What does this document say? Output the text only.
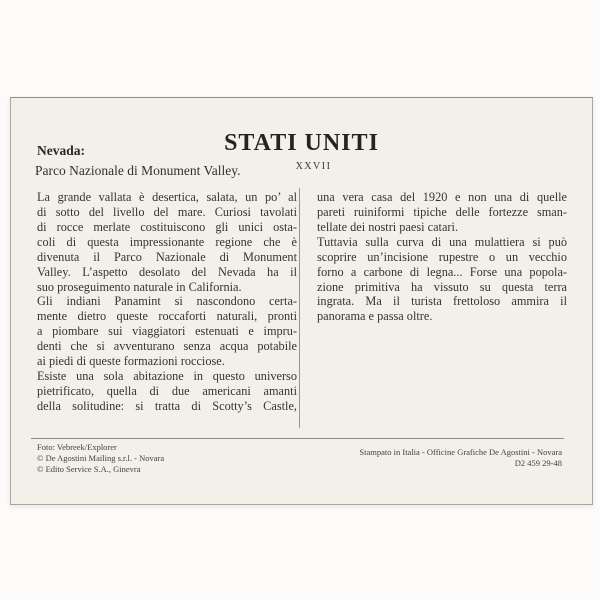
Nevada:	STATI UNITI
Parco Nazionale di Monument Valley.	XXVII
La grande vallata è desertica, salata, un po’ al
di sotto del livello del mare. Curiosi tavolati
di rocce merlate costituiscono gli unici osta-
coli di questa impressionante regione che è
divenuta il Parco Nazionale di Monument
Valley. L’aspetto desolato del Nevada ha il
suo proseguimento naturale in California.
Gli indiani Panamint si nascondono certa-
mente dietro queste roccaforti naturali, pronti
a piombare sui viaggiatori estenuati e impru-
denti che si avventurano senza acqua potabile
ai piedi di queste formazioni rocciose.
Esiste una sola abitazione in questo universo
pietrificato, quella di due americani amanti
della solitudine: si tratta di Scotty’s Castle,
una vera casa del 1920 e non una di quelle
pareti ruiniformi tipiche delle fortezze sman-
tellate dei nostri paesi catari.
Tuttavia sulla curva di una mulattiera si può
scoprire un’incisione rupestre o un vecchio
forno a carbone di legna... Forse una popola-
zione primitiva ha vissuto su questa terra
ingrata. Ma il turista frettoloso ammira il
panorama e passa oltre.
Foto: Vebreek/Explorer
© De Agostini Mailing s.r.l. - Novara
© Edito Service S.A., Ginevra
Stampato in Italia - Officine Grafiche De Agostini - Novara
D2 459 29-48
